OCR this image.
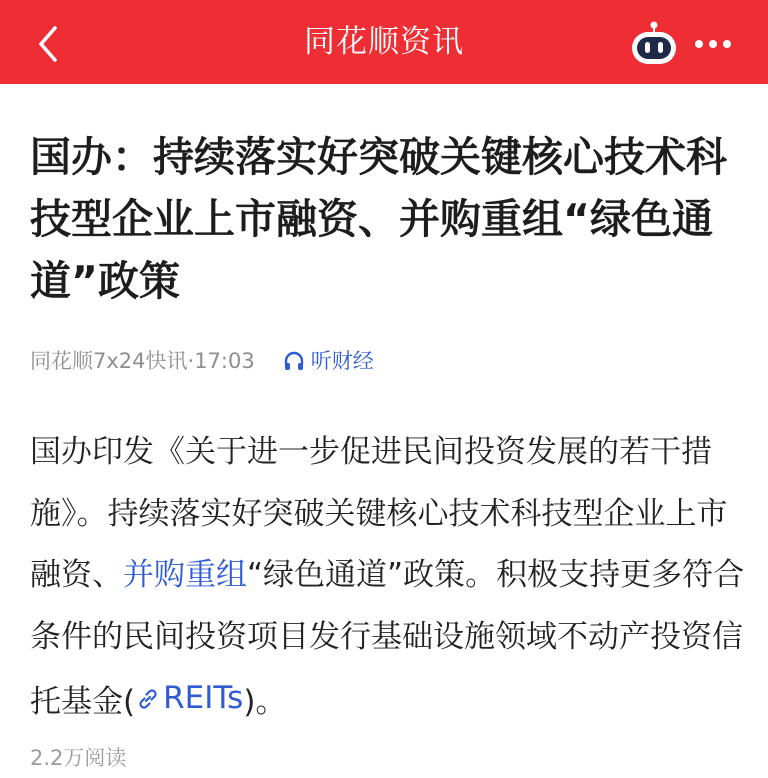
同花顺资讯
国办：持续落实好突破关键核心技术科技型企业上市融资、并购重组“绿色通道”政策
同花顺7x24快讯 · 17:03	听财经

国办印发《关于进一步促进民间投资发展的若干措施》。持续落实好突破关键核心技术科技型企业上市融资、并购重组“绿色通道”政策。积极支持更多符合条件的民间投资项目发行基础设施领域不动产投资信托基金( REITs )。

2.2万阅读
